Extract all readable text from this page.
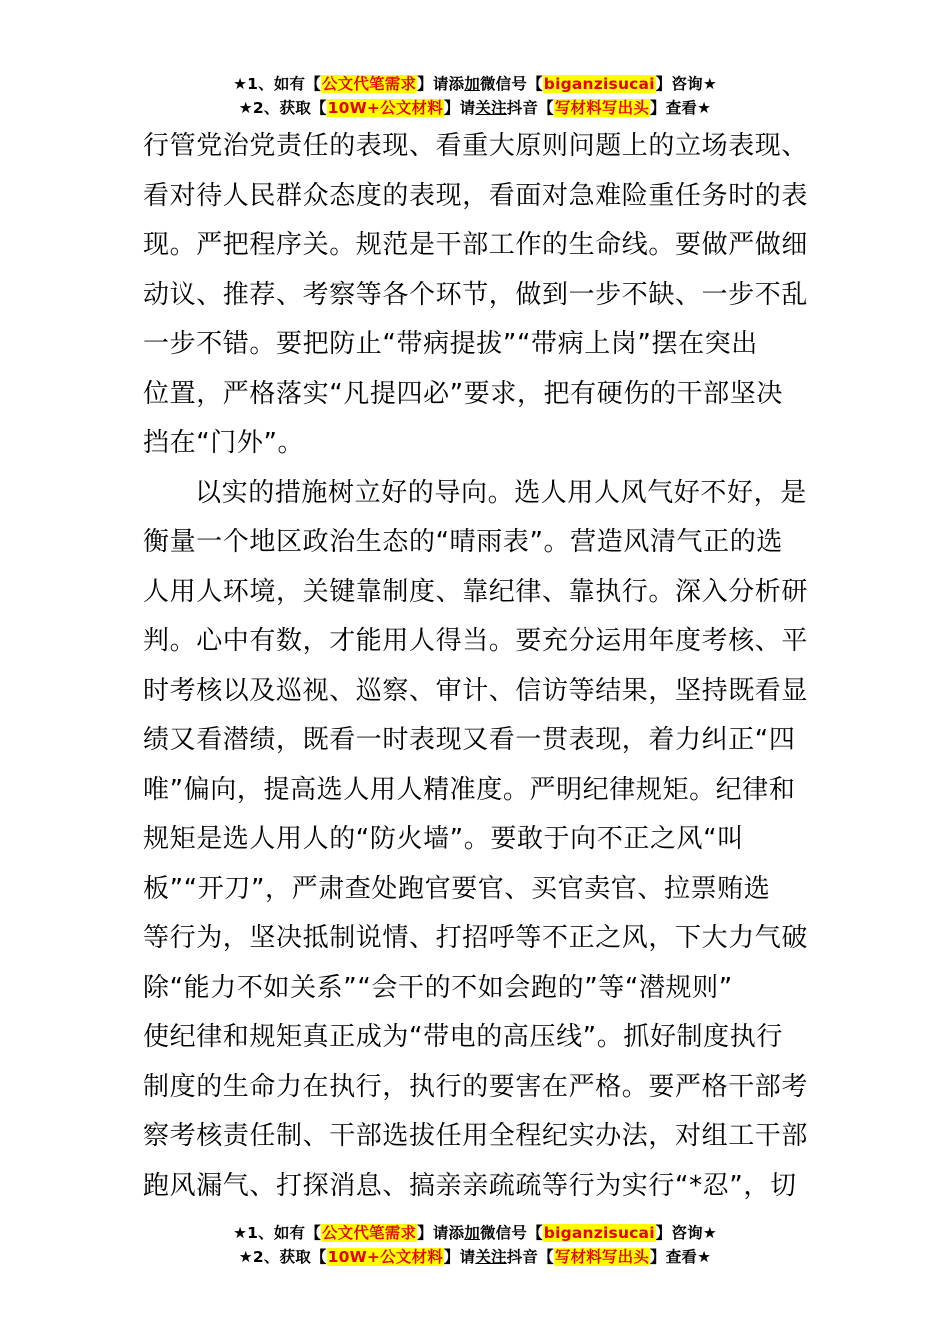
★1、如有【公文代笔需求】请添加微信号【biganzisucai】咨询★
★2、获取【10W+公文材料】请关注抖音【写材料写出头】查看★
行管党治党责任的表现、看重大原则问题上的立场表现、
看对待人民群众态度的表现，看面对急难险重任务时的表
现。严把程序关。规范是干部工作的生命线。要做严做细
动议、推荐、考察等各个环节，做到一步不缺、一步不乱
一步不错。要把防止“带病提拔”“带病上岗”摆在突出
位置，严格落实“凡提四必”要求，把有硬伤的干部坚决
挡在“门外”。
以实的措施树立好的导向。选人用人风气好不好，是
衡量一个地区政治生态的“晴雨表”。营造风清气正的选
人用人环境，关键靠制度、靠纪律、靠执行。深入分析研
判。心中有数，才能用人得当。要充分运用年度考核、平
时考核以及巡视、巡察、审计、信访等结果，坚持既看显
绩又看潜绩，既看一时表现又看一贯表现，着力纠正“四
唯”偏向，提高选人用人精准度。严明纪律规矩。纪律和
规矩是选人用人的“防火墙”。要敢于向不正之风“叫
板”“开刀”，严肃查处跑官要官、买官卖官、拉票贿选
等行为，坚决抵制说情、打招呼等不正之风，下大力气破
除“能力不如关系”“会干的不如会跑的”等“潜规则”
使纪律和规矩真正成为“带电的高压线”。抓好制度执行
制度的生命力在执行，执行的要害在严格。要严格干部考
察考核责任制、干部选拔任用全程纪实办法，对组工干部
跑风漏气、打探消息、搞亲亲疏疏等行为实行“*忍”，切
★1、如有【公文代笔需求】请添加微信号【biganzisucai】咨询★
★2、获取【10W+公文材料】请关注抖音【写材料写出头】查看★
